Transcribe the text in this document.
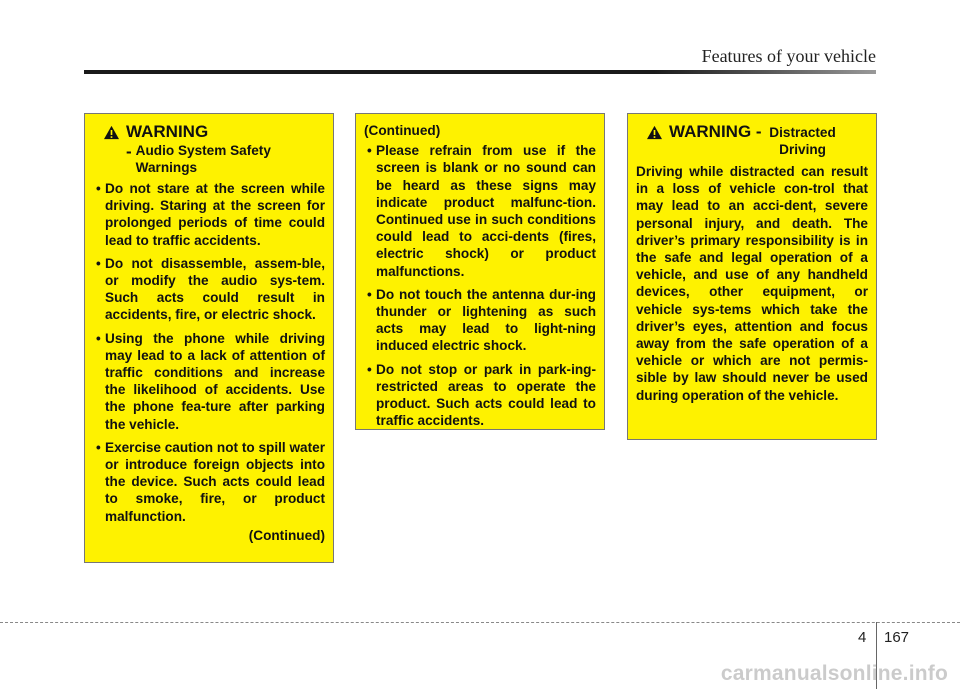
Features of your vehicle
WARNING
- Audio System Safety Warnings
• Do not stare at the screen while driving. Staring at the screen for prolonged periods of time could lead to traffic accidents.
• Do not disassemble, assem-ble, or modify the audio sys-tem. Such acts could result in accidents, fire, or electric shock.
• Using the phone while driving may lead to a lack of attention of traffic conditions and increase the likelihood of accidents. Use the phone fea-ture after parking the vehicle.
• Exercise caution not to spill water or introduce foreign objects into the device. Such acts could lead to smoke, fire, or product malfunction.
(Continued)
(Continued)
• Please refrain from use if the screen is blank or no sound can be heard as these signs may indicate product malfunc-tion. Continued use in such conditions could lead to acci-dents (fires, electric shock) or product malfunctions.
• Do not touch the antenna dur-ing thunder or lightening as such acts may lead to light-ning induced electric shock.
• Do not stop or park in park-ing-restricted areas to operate the product. Such acts could lead to traffic accidents.
WARNING - Distracted Driving
Driving while distracted can result in a loss of vehicle con-trol that may lead to an acci-dent, severe personal injury, and death. The driver’s primary responsibility is in the safe and legal operation of a vehicle, and use of any handheld devices, other equipment, or vehicle sys-tems which take the driver’s eyes, attention and focus away from the safe operation of a vehicle or which are not permis-sible by law should never be used during operation of the vehicle.
4 167
carmanualsonline.info
